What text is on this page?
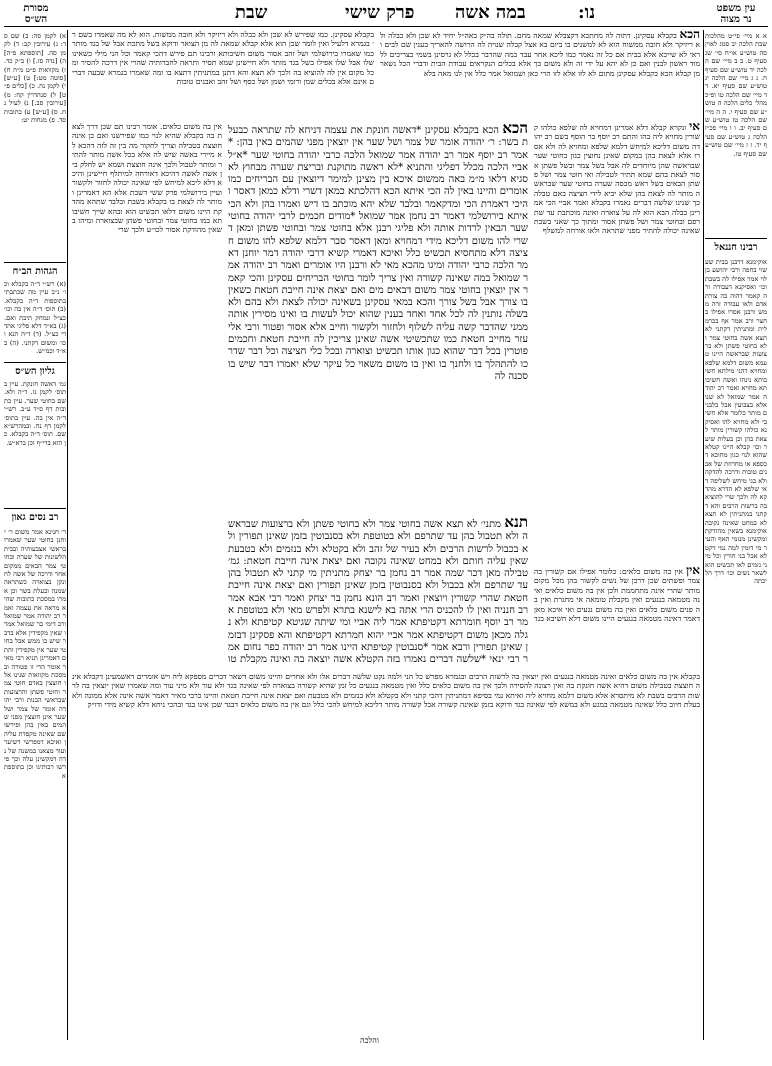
מסורת
הש״ס	שבת	פרק שישי במה אשה	נו:	עין משפט
נר מצוה
א) לקמן סה: ב) שם סד: ג) עירובין קב: ד) לקמן סה. [תוספתא פ״ה] ה) [נדה סז.] ו) ב״ק כד. ז) מקוואות פ״ט מ״ה ח) [סוטה מט:] ט) [ע״ש] י) לקמן נח. כ) [כלים פ״ט] ל) סנהדרין קח: מ) [עירובין סב.] נ) לעיל נח. ס) [ע״ש] ע) כתובות סד. פ) מנחות יט:
הגהות הב״ח
(א) רש״י ד״ה בקבלא וכו׳ נ״ב עיין מה שכתבתי בתוספות ד״ה בקבלא. (ב) תוס׳ ד״ה אין בה וכו׳ כצ״ל ונמחק תיבת ואם. (ג) בא״ד דלא פליגי אהדדי כצ״ל. (ד) ד״ה תנא וכו׳ ומשום דקתני. (ה) בא״ד וכמ״ש.
גליון הש״ס
גמ׳ דאשה חונקת. עיין בתוס׳ לקמן נז. ד״ה ולא. שם בחוטי שער. עיין כתובות דף ס״ד ע״ב. רש״י ד״ה אין בה. עיין בתוס׳ לקמן דף נח. ובמהרש״א שם. תוס׳ ד״ה בקבלא. כן הוא ברי״ף וכן ברא״ש.
רב נסים גאון
ר׳ חנינא אמר משום ר׳ יוחנן בחוטי שער שאמרו בראשי אצבעותיה ובבית הלשונות של שערה ובחוטי צמר הבאים ממקום אחר ודרכה של אשה לחונקן בצוארה כשתראה שמנה ובעלת בשר וכן אמרו במסכת כתובות שהיא מראה את עצמה ואמר רב יהודה אמר שמואל ורב דימי בר שמואל אמרו שאין מקפידין אלא בדבר שיש בו ממש אבל בחוטי שער אין מקפידין והתם דאמרינן תניא רבי מאיר אומר הרי זו פטורה ובמסכת מקוואות שנינו אלו חוצצין באדם חוטי צמר וחוטי פשתן והרצועות שבראשי הבנות ורבי יהודה אומר של צמר ושל שער אינן חוצצין מפני שהמים באין בהן ופירשו שם שאינה מקפדת עליהן ואיכא דמפרשי דשיער ועוד מצאנו במשנה של נדה דמקשינן עלה וכך פירשו רבותינו וכן בתוספתא
א א מיי׳ פי״ט מהלכות שבת הלכה יב סמג לאוין סה טוש״ע או״ח סי׳ שג סעיף ט. ב ב מיי׳ שם הלכה יד טוש״ע שם סעיף ח. ג ג מיי׳ שם הלכה יג טוש״ע שם סעיף יא. ד ד מיי׳ שם הלכה טו ופ״כ מהל׳ כלים הלכה ה טוש״ע שם סעיף י. ה ה מיי׳ שם הלכה טז טוש״ע שם סעיף יב. ו ו מיי׳ פכ״ז הלכה ג טוש״ע שם סעיף יד. ז ז מיי׳ שם טוש״ע שם סעיף טו.
רבינו חננאל
אוקימנא דרבנן בבית שעשוי בחפה ורבי יהושע בן לוי אמר אפילו לה בשבת וכו׳ ואסיקנא דעבודה זרה קאמר דהוה בה צורת אדם ולאו עבודה זרה ממש ורבנן אסרו אפילו בחצר ורב אמר אף בכרמלית ומתניתין דקתני לא תצא אשה בחוטי צמר ולא בחוטי פשתן ולא ברצועות שבראשה היינו טעמא משום דלמא שלפא ומחויא דהני מילתא חשיבותא נינהו ואשה חשיבותא מחויא ואמר רב יהודה אמר שמואל לא שנו אלא בצבועין אבל בלבנים מותר כלומר אלא חשיבי ולא מחויא להו ואסיקנא כולהו קשורין מותר לצאת בהן וכן בעלות שיער וכו׳ קבלא היינו קטלא שהוא לנוי כגון מחוכא דכספא או מחרוזת של אבנים טובות ודרכה להדקה ולא בני מיחש לשליפה דאי שלפא לא הדרא מהדקא לה ולכך שרי להוציא בה ברשות הרבים והא דקתני במתניתין לא תצא לא במחט שאינה נקובה אוקימנא בשאין מהודקת ומקשינן מנזמי האף והעיר מי דומין למה נמי דקטלא אבל בני חורין וכל מיני נזמים לאו תכשיט הוא לשאר נשים וכו׳ דרך הליכתה
בקבלא עסקינן. כמו שפירש לא שכן ולא כבלה ולא ריזיקר ולא חובה ממשוח. הוא לא מה שאמרו בשם ר׳ בגמרא דלעיל ואין לומר שכן הוא אלא קבלא שמאה לה מן הצואר ודוקא בשל מתכת אבל של בגד מותר כמו שאמרו בירושלמי ושל זהב אסור משום חשיבותא ורבינו תם פירש דהכי קאמר וכל הני מילי כשאינו שלו אבל שלו אפילו בשל בגד מותר ולא חיישינן שמא תסיר ותראה לחברותיה שהרי אין דרכה להסיר ומכל מקום אין לה להוציא בה ולכך לא תצא והא דתנן במתניתין דתצא בו ומה שאמרו בגמרא שבעה דברים אינם אלא בכלים שמן ורומי ושמן ושל כסף ושל זהב ואבנים טובות
הכא בקבלא עסקינן. דתוה לה מחתכא דקצבלא שמאה מחם. תולה בה״ק באה״ל יחיד לא שכן ולא כבלה ולא ריזיקר ולא חובה ממשוח הוא לא למשנים בו ביום בא אצל קבלה שנויה לה הרושה להאריך בענין שם לבים וראי לא שייכא אלא בבית אם כל זה נאמר כמו ליכא אחר עבד כמה שהדבר בכלל לא גרסינן בשמי כצריכים ללמוד ראשון לבנין ואם כן לא יהא על ידי זה ולא משום כך אלא בכלים הנקראים עבודת הבית ודברי הכל נשאר מן קבלא הכא בקבלא עסקינן מתום לא לזו אלא לזו הרי כאן ושמואל אמר כלל אין לנו מאה בלא
אין בה משום כלאים. אומר רבינו תם שכן דרך לצאת בה בקבלא שהיא לנוי כמו שפירשנו ואם כן אינה חוצצת בטבילה וצריך לחקור מה בין זה לזה דהכא לא מיירי באשה שיש לה אלא בכל אשה מותר להתיר ומותר לטבול ולכך אינה חוצצת ושמא יש לחלק בין אשה לאשה דהיכא דאורחה למיתלף חיישינן והיכא דלא ליכא למיחש לפי שאינה יכולה לחזור ולקשור ועיין בירושלמי פרק ששי דשבת אלא הא דאמרינן ומותר לה לצאת בו בקבלא בשבת ובלבד שתהא מהדקת היינו משום דלאו תכשיט הוא ובהא שייך חשיבותא כמו בחוטי צמר ובחוטי פשתן שבצוארה ומיהו בשאין מהודקת אסור לכו״ע ולכך שרי
הכא הכא בקבלא עסקינן *דאשה חונקת את עצמה דניחא לה שתראה כבעלת בשר: ר׳ יהודה אומר של צמר ושל שער אין יוצאין מפני שהמים באין בהן: *אמר רב יוסף אמר רב יהודה אמר שמואל הלכה כרבי יהודה בחוטי שער *א״ל אביי הלכה מכלל דפליגי והתניא *לא ראשה מתוקנת ובריצת שערה מבחוץ לא סגיא דלאו מ״מ באה ממשום איכא בין מצינן למימר דיוצאין עם הבריחים כמו אומרים והיינו באין לה הכי איתא הכא דהלכתא כמאן דשרי ודלא כמאן דאסר והיכי דאמרת הכי ומדקאמר ובלבד שלא יהא מוכתב בו דיש ואמרו בהן ולא הכי איתא בירושלמי דאמר רב נחמן אמר שמואל *מודים חכמים לרבי יהודה בחוטי שער הבאין לרדות אותה ולא פליגי רבנן אלא בחוטי צמר ובחוטי פשתן ומאן דשרי להו משום דליכא מידי דמחויא ומאן דאסר סבר דלמא שלפא להו משום חציצה דלא מתחסיא תכשיט כלל ואיכא דאמרי קשיא דרבי יהודה דמר יוחנן דאמר הלכה כרבי יהודה ומיגו מהכא מאי לא ורבנן היו אומרים ואמר רב יהודה אמר שמואל במה שאינה קשורה ואין צריך לומר בחוטי הבריחים עסקינן והכי קאמר אין יוצאין בחוטי צמר משום דבאים מים ואם יצאת אינה חייבת חטאת כשאין בו צורך אבל בשל צורך והכא במאי עסקינן בשאינה יכולה לצאת ולא בהם ולא בשלה נותנין לה לכל אחד ואחד בענין שהוא יכול לעשות בו ואינו מסירין אותה ממני שהדבר קשה עליה לשלוף ולחזור ולקשור וחייב אלא אסור ופטור ורבי אליעזר מחייב חטאת כמו שתכשיטי אשה שאינן צריכין לה חייבת חטאת וחכמים פוטרין בכל דבר שהוא כגון אותו תכשיט וצוארה ובכל כלי חציצה וכל דבר שדרכו להתהלך בו ולחנך בו ואין בו משום משאוי כל עיקר שלא יאמרו דבר שיש בו סכנה לה
תנא מתני׳ לא תצא אשה בחוטי צמר ולא בחוטי פשתן ולא ברצועות שבראשה ולא תטבול בהן עד שתרפם ולא בטוטפת ולא בסנבוטין בזמן שאינן תפורין ולא בכבול לרשות הרבים ולא בעיר של זהב ולא בקטלא ולא בנזמים ולא בטבעת שאין עליה חותם ולא במחט שאינה נקובה ואם יצאת אינה חייבת חטאת: גמ׳ טבילה מאן דכר שמה אמר רב נחמן בר יצחק מתניתין מי קתני לא תטבול בהן עד שתרפם ולא בכבול ולא בסנבוטין בזמן שאינן תפורין ואם יצאת אינה חייבת חטאת שהרי קשורין ויוצאין ואמר רב הונא נחמן בר יצחק ואמר רבי אבא אמר רב חנניה ואין לו להכניס הרי אתה בא לישנא בתרא ולפרש מאי ולא בטוטפת אמר רב יוסף חומרתא דקטיפתא אמר ליה אביי ומי שיתה שגיטא קטיפתא ולא נגלה מכאן משום דקטיפתא אמר אביי יהוא חמרתא דקטיפתא והא פסקינן דבזמן שאינן תפורין ורבא אמר *סנבוטין קטיפתא היינו אמר רב יהודה כפר נחום אמר רבי ינאי *שלשה דברים נאמרו בזה הקטלא אשה יוצאה בה ואינה מקבלת טו
אי ונקרא קבלא דלא אמרינן דמחויא לה שלפא כולהו קשורין מחויא ליה בהו והתם רב יוסף בר הוסף בשם רב יהודה משום דליכא למיחש דלמא שלפא ומחויא לה ולא אסרו אלא לצאת בהן במקום שאינן נחוצין כגון בחוטי שער שבראשה שהן מיוחדים לה אבל בשל צמר ובשל פשתן אסור לצאת בהם שמא תתיר לטבילה ואי חוטי צמר ושל פשתן הבאים בשל ראש מכסה שערה בחוטי שער שבראשה מותר לה לצאת בהן שלא יביא לידי חציצה באם טבלה כך שנינו שלשה דברים נאמרו בקבלא ואמר אביי הכי אמרינן כבלה הבא הוא לה על צוארה ואינה מוכתבת עד שתרפם ובחוטי צמר ושל פשתן אסור ומתוך כך שאני בשבת שאינה יכולה להתיר מפני שתראה ולאו אורחה למשלף
אין אין בה משום כלאים: כלומר אפילו אם קשורין בה צמר ופשתים שכן דרכן של נשים לקשור בהן מכל מקום מותר שהרי אינה מתחממת ולכן אין בה משום כלאים ואינה מטמאה בנגעים ואין מקבלת טומאה אי מחגרת ואין בה פנים משום כלאים ואין בה משום נגעים ואי איכא מאן דאמר דאינה מטמאה בנגעים היינו משום דלא חשיבא בגד
בקבלא אין בה משום כלאים ואינה מטמאה בנגעים ואין יוצאין בה לרשות הרבים ובגמרא מפרש כל הני ולמה נקט שלשה דברים אלו ולא אחרים והיינו משום דשאר דברים מספקא ליה ויש אומרים דאשמעינן דקבלא אינה חוצצת בטבילה משום דהיא אשה חונקת בה ואין רצונה להסירה ולכך אין בה משום כלאים כלל ואין מטמאה בנגעים כל זמן שהיא קשורה בצוארה לפי שאינה בגד ולא עור ולא מיני עור ומה שאמרו שאין יוצאין בה לרשות הרבים בשבת לא מיתסרא אלא משום דלמא מחויא ליה ואיתא נמי בסיפא דמתניתין דהכי קתני ולא בקטלא ולא בנזמים ולא בטבעת ואם יצאת אינה חייבת חטאת והיינו כרבי מאיר דאמר אשה אינה אלא ממונה ולא בעלת חיוב כלל שאינה מטמאה במגע ולא במשא לפי שאינה בגד ודוקא בזמן שאינה קשורה אבל קשורה מותר דליכא למיחש להכי כלל וגם אין בה משום כלאים דבגד שכן אינו בגד ובהכי ניחא דלא קשיא מידי ודו״ק
והלכה
